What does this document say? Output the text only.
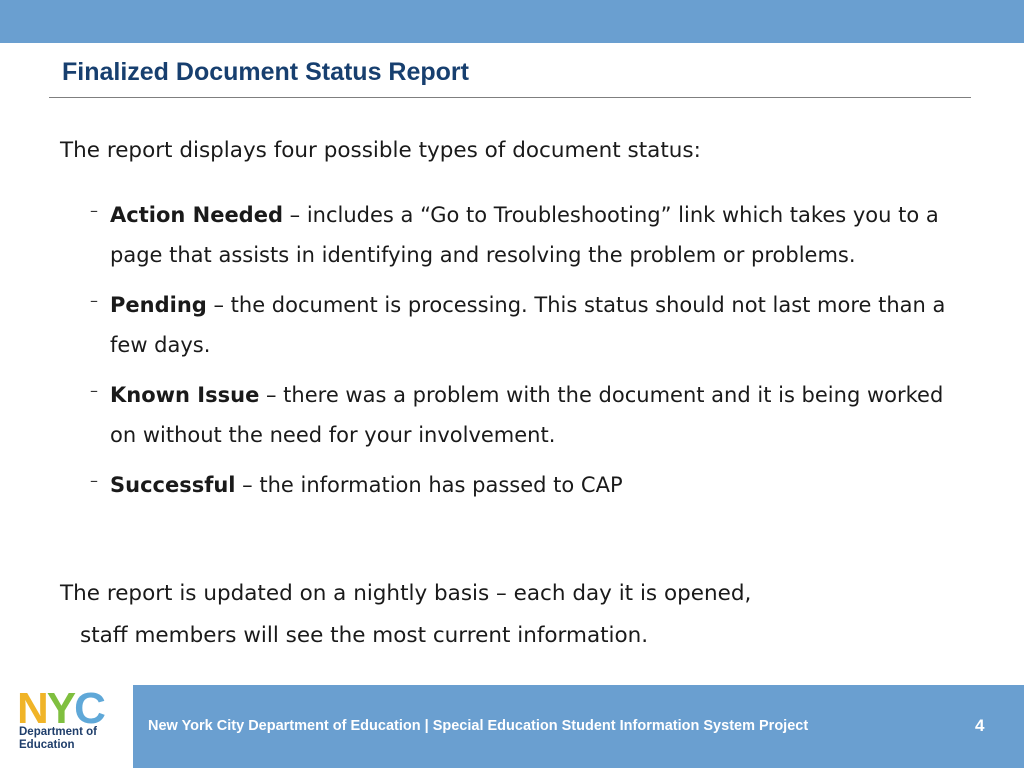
Finalized Document Status Report

The report displays four possible types of document status:

– Action Needed – includes a “Go to Troubleshooting” link which takes you to a page that assists in identifying and resolving the problem or problems.
– Pending – the document is processing. This status should not last more than a few days.
– Known Issue – there was a problem with the document and it is being worked on without the need for your involvement.
– Successful – the information has passed to CAP
The report is updated on a nightly basis – each day it is opened,
staff members will see the most current information.
NYC
Department of
Education
New York City Department of Education | Special Education Student Information System Project	4
